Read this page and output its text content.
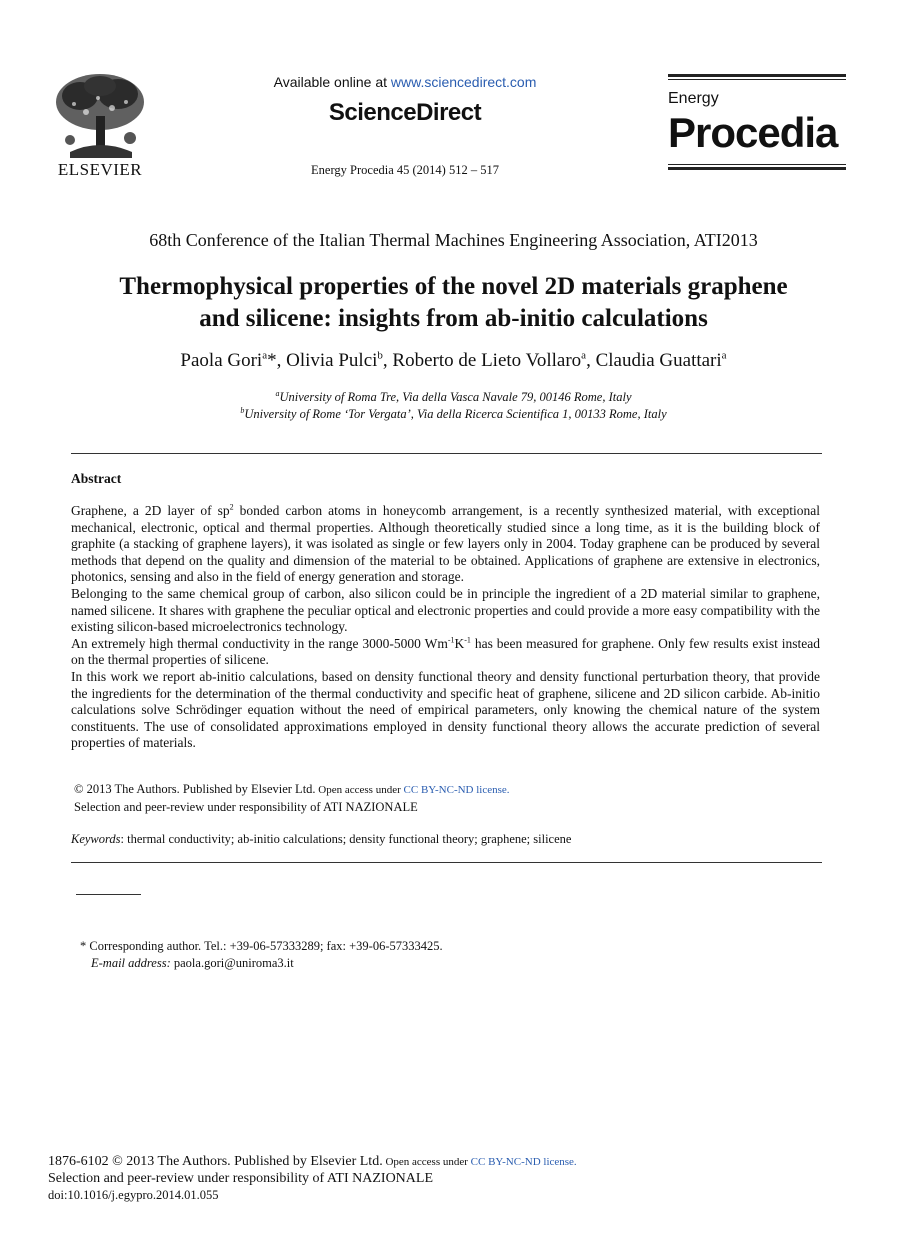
ELSEVIER
Available online at www.sciencedirect.com
ScienceDirect
Energy Procedia 45 (2014) 512 – 517
Energy
Procedia
68th Conference of the Italian Thermal Machines Engineering Association, ATI2013
Thermophysical properties of the novel 2D materials graphene
and silicene: insights from ab-initio calculations
Paola Gori$^a$*, Olivia Pulci$^b$, Roberto de Lieto Vollaro$^a$, Claudia Guattari$^a$
$^a$University of Roma Tre, Via della Vasca Navale 79, 00146 Rome, Italy
$^b$University of Rome ‘Tor Vergata’, Via della Ricerca Scientifica 1, 00133 Rome, Italy
Abstract

Graphene, a 2D layer of $sp^2$ bonded carbon atoms in honeycomb arrangement, is a recently synthesized material, with exceptional mechanical, electronic, optical and thermal properties. Although theoretically studied since a long time, as it is the building block of graphite (a stacking of graphene layers), it was isolated as single or few layers only in 2004. Today graphene can be produced by several methods that depend on the quality and dimension of the material to be obtained. Applications of graphene are extensive in electronics, photonics, sensing and also in the field of energy generation and storage.

Belonging to the same chemical group of carbon, also silicon could be in principle the ingredient of a 2D material similar to graphene, named silicene. It shares with graphene the peculiar optical and electronic properties and could provide a more easy compatibility with the existing silicon-based microelectronics technology.

An extremely high thermal conductivity in the range 3000-5000 $Wm^{-1}K^{-1}$ has been measured for graphene. Only few results exist instead on the thermal properties of silicene.

In this work we report ab-initio calculations, based on density functional theory and density functional perturbation theory, that provide the ingredients for the determination of the thermal conductivity and specific heat of graphene, silicene and 2D silicon carbide. Ab-initio calculations solve Schrödinger equation without the need of empirical parameters, only knowing the chemical nature of the system constituents. The use of consolidated approximations employed in density functional theory allows the accurate prediction of several properties of materials.

© 2013 The Authors. Published by Elsevier Ltd. Open access under CC BY-NC-ND license.
Selection and peer-review under responsibility of ATI NAZIONALE
Keywords: thermal conductivity; ab-initio calculations; density functional theory; graphene; silicene
* Corresponding author. Tel.: +39-06-57333289; fax: +39-06-57333425.
E-mail address: paola.gori@uniroma3.it
1876-6102 © 2013 The Authors. Published by Elsevier Ltd. Open access under CC BY-NC-ND license.
Selection and peer-review under responsibility of ATI NAZIONALE
doi:10.1016/j.egypro.2014.01.055
